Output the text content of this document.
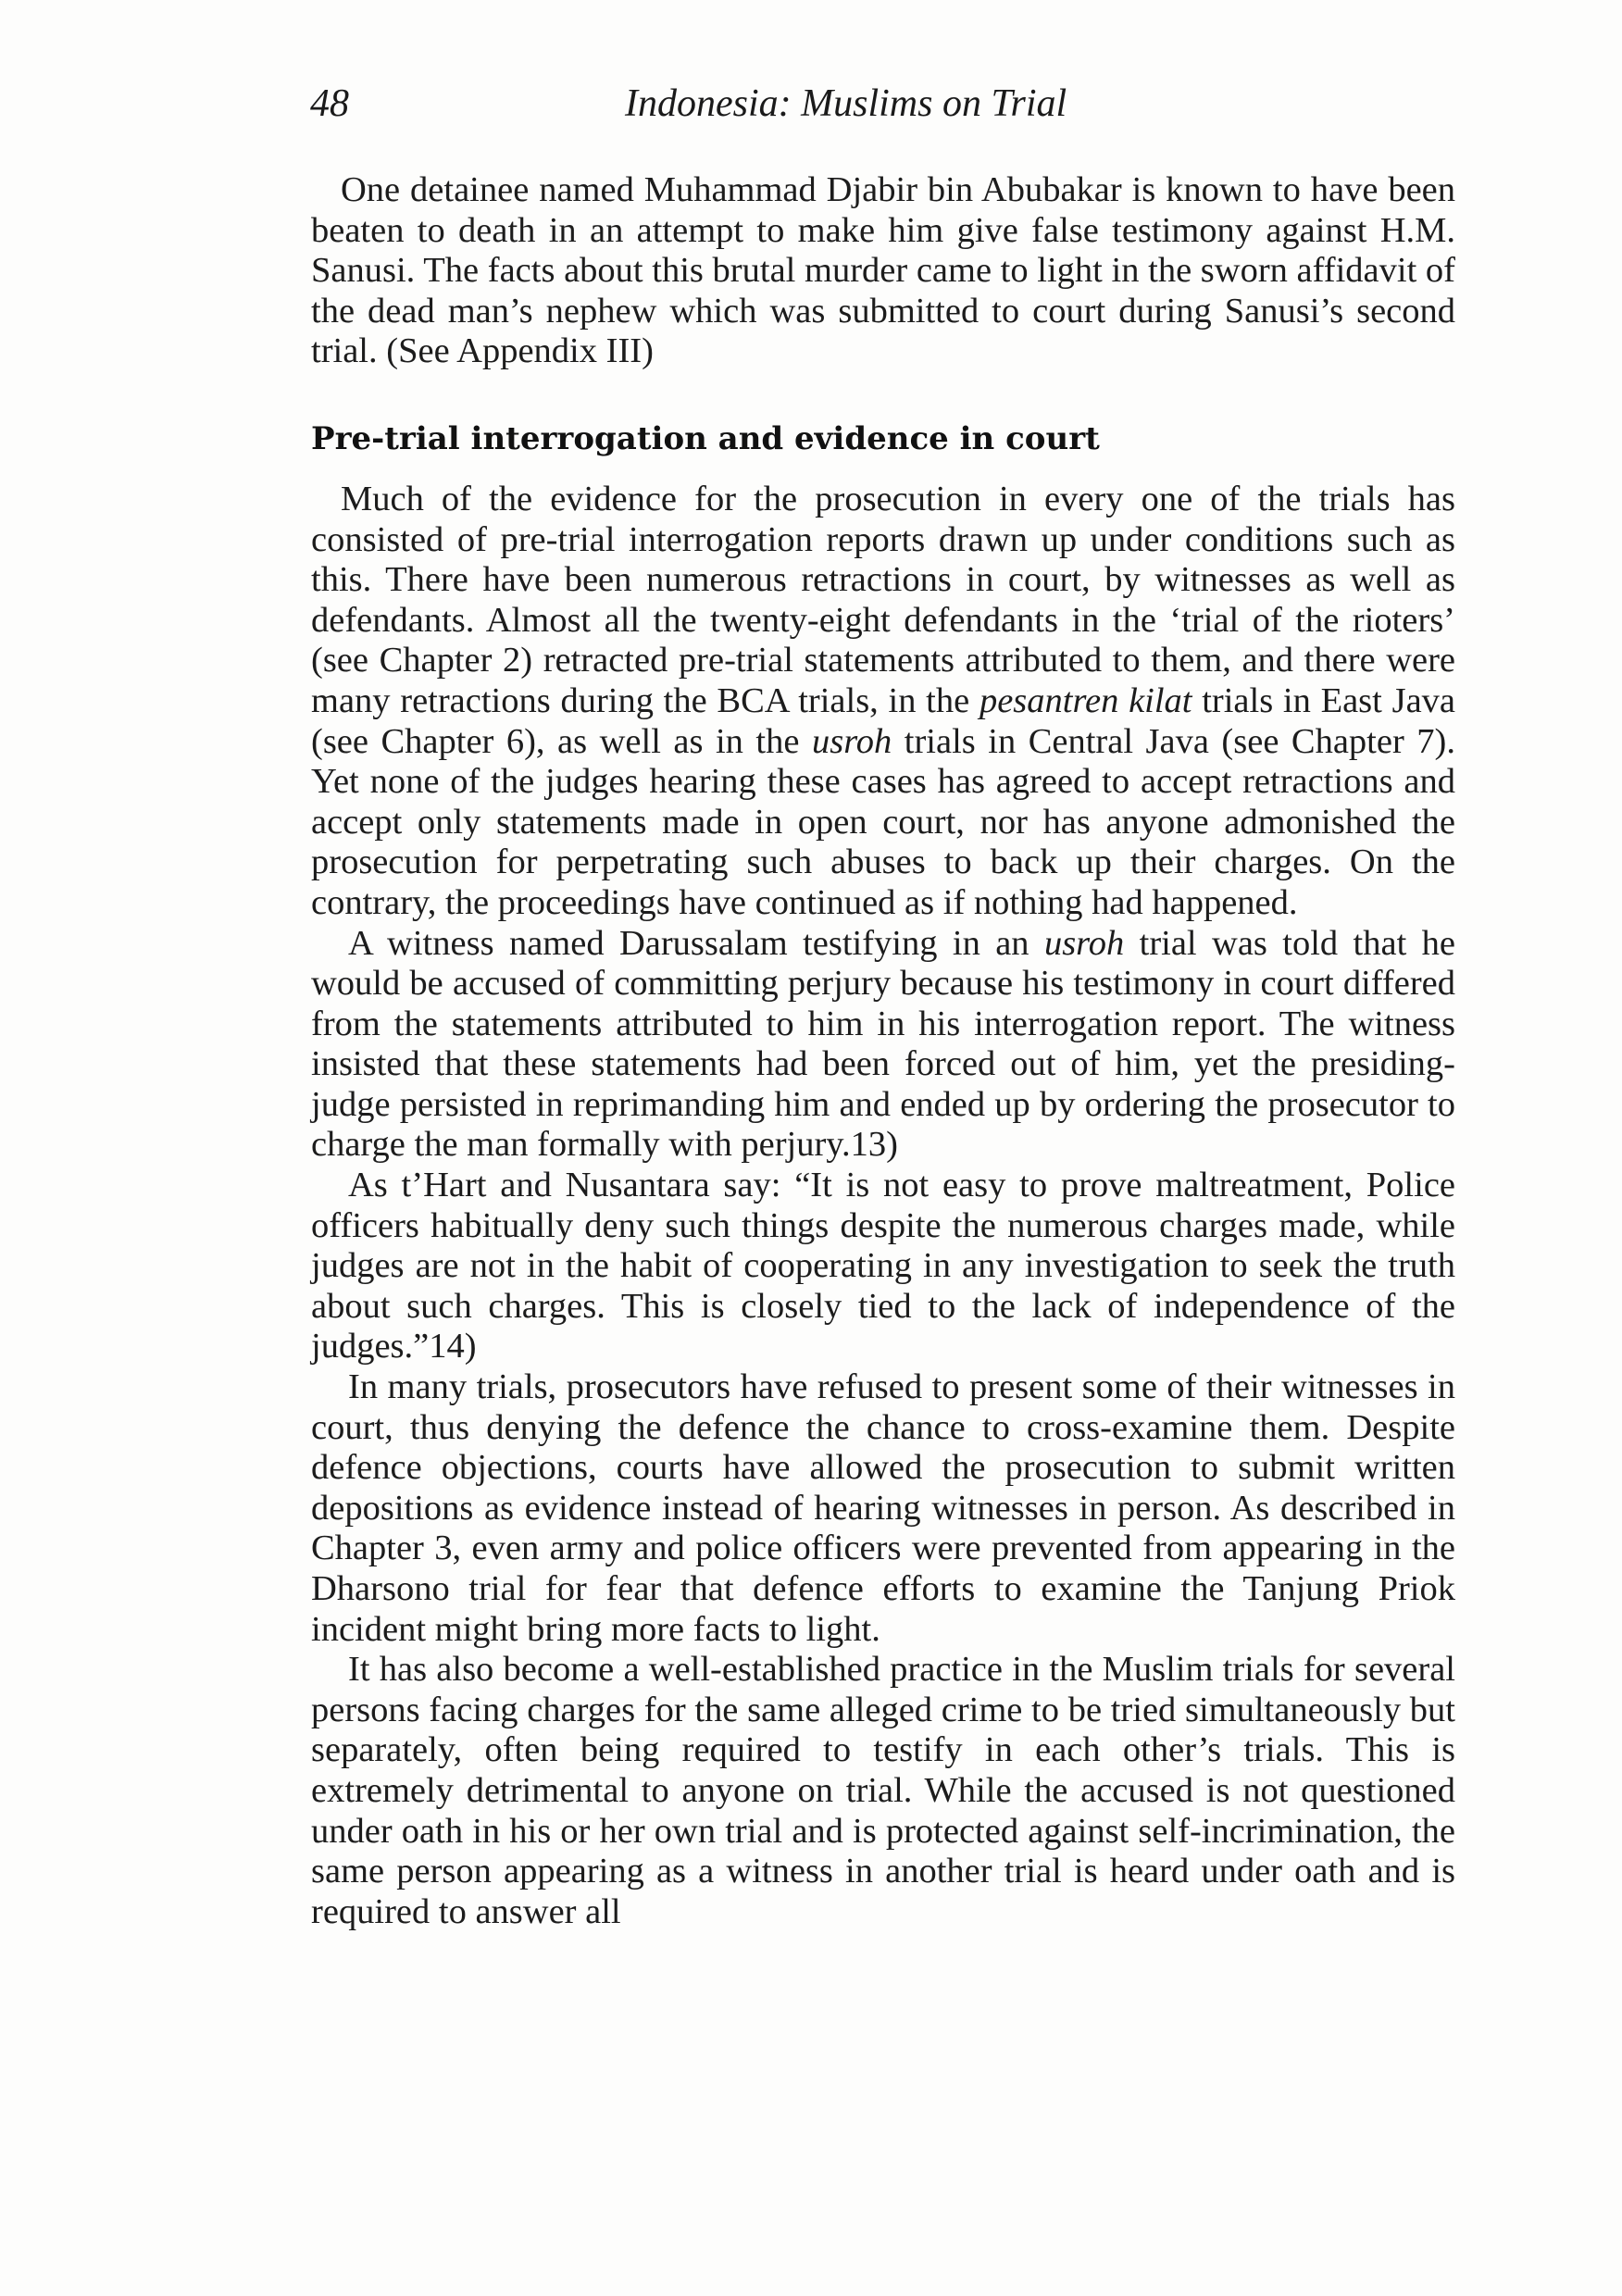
48	Indonesia: Muslims on Trial

One detainee named Muhammad Djabir bin Abubakar is known to have been beaten to death in an attempt to make him give false testimony against H.M. Sanusi. The facts about this brutal murder came to light in the sworn affidavit of the dead man’s nephew which was submitted to court during Sanusi’s second trial. (See Appendix III)

Pre-trial interrogation and evidence in court

Much of the evidence for the prosecution in every one of the trials has consisted of pre-trial interrogation reports drawn up under conditions such as this. There have been numerous retractions in court, by witnesses as well as defendants. Almost all the twenty-eight defendants in the ‘trial of the rioters’ (see Chapter 2) retracted pre-trial statements attributed to them, and there were many retractions during the BCA trials, in the pesantren kilat trials in East Java (see Chapter 6), as well as in the usroh trials in Central Java (see Chapter 7). Yet none of the judges hearing these cases has agreed to accept retractions and accept only statements made in open court, nor has anyone admonished the prosecution for perpetrating such abuses to back up their charges. On the contrary, the proceedings have continued as if nothing had happened.

A witness named Darussalam testifying in an usroh trial was told that he would be accused of committing perjury because his testimony in court differed from the statements attributed to him in his interrogation report. The witness insisted that these statements had been forced out of him, yet the presiding-judge persisted in reprimanding him and ended up by ordering the prosecutor to charge the man formally with perjury.13)

As t’Hart and Nusantara say: “It is not easy to prove maltreatment, Police officers habitually deny such things despite the numerous charges made, while judges are not in the habit of cooperating in any investigation to seek the truth about such charges. This is closely tied to the lack of independence of the judges.”14)

In many trials, prosecutors have refused to present some of their witnesses in court, thus denying the defence the chance to cross-examine them. Despite defence objections, courts have allowed the prosecution to submit written depositions as evidence instead of hearing witnesses in person. As described in Chapter 3, even army and police officers were prevented from appearing in the Dharsono trial for fear that defence efforts to examine the Tanjung Priok incident might bring more facts to light.

It has also become a well-established practice in the Muslim trials for several persons facing charges for the same alleged crime to be tried simultaneously but separately, often being required to testify in each other’s trials. This is extremely detrimental to anyone on trial. While the accused is not questioned under oath in his or her own trial and is protected against self-incrimination, the same person appearing as a witness in another trial is heard under oath and is required to answer all
